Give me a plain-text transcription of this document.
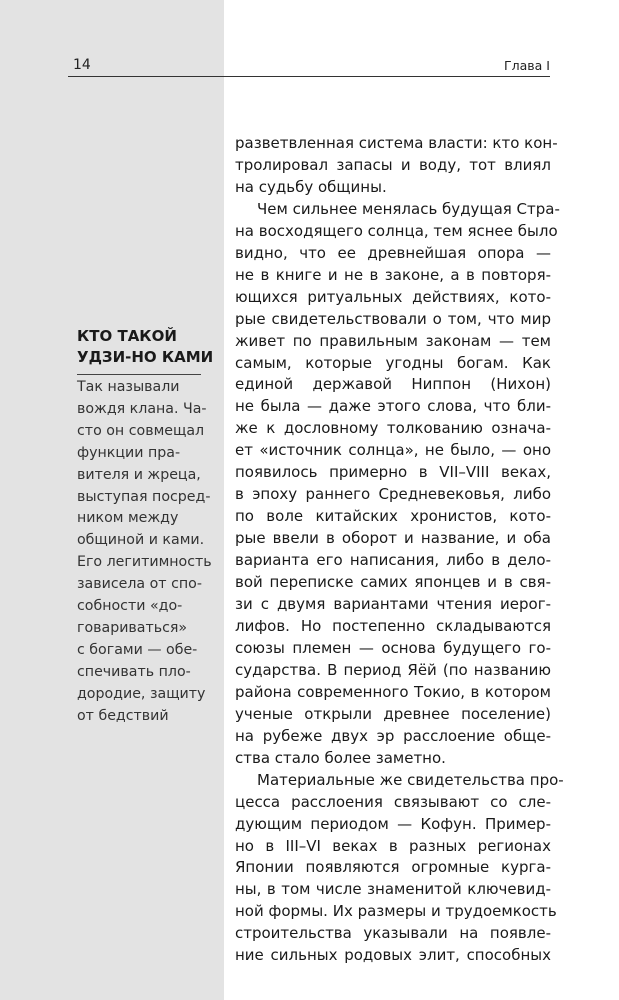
14	Глава I
КТО ТАКОЙ
УДЗИ-НО КАМИ

Так называли
вождя клана. Ча-
сто он совмещал
функции пра-
вителя и жреца,
выступая посред-
ником между
общиной и ками.
Его легитимность
зависела от спо-
собности «до-
говариваться»
с богами — обе-
спечивать пло-
дородие, защиту
от бедствий

разветвленная система власти: кто кон-
тролировал запасы и воду, тот влиял
на судьбу общины.
Чем сильнее менялась будущая Стра-
на восходящего солнца, тем яснее было
видно, что ее древнейшая опора —
не в книге и не в законе, а в повторя-
ющихся ритуальных действиях, кото-
рые свидетельствовали о том, что мир
живет по правильным законам — тем
самым, которые угодны богам. Как
единой державой Ниппон (Нихон)
не была — даже этого слова, что бли-
же к дословному толкованию означа-
ет «источник солнца», не было, — оно
появилось примерно в VII–VIII веках,
в эпоху раннего Средневековья, либо
по воле китайских хронистов, кото-
рые ввели в оборот и название, и оба
варианта его написания, либо в дело-
вой переписке самих японцев и в свя-
зи с двумя вариантами чтения иерог-
лифов. Но постепенно складываются
союзы племен — основа будущего го-
сударства. В период Яёй (по названию
района современного Токио, в котором
ученые открыли древнее поселение)
на рубеже двух эр расслоение обще-
ства стало более заметно.
Материальные же свидетельства про-
цесса расслоения связывают со сле-
дующим периодом — Кофун. Пример-
но в III–VI веках в разных регионах
Японии появляются огромные курга-
ны, в том числе знаменитой ключевид-
ной формы. Их размеры и трудоемкость
строительства указывали на появле-
ние сильных родовых элит, способных
